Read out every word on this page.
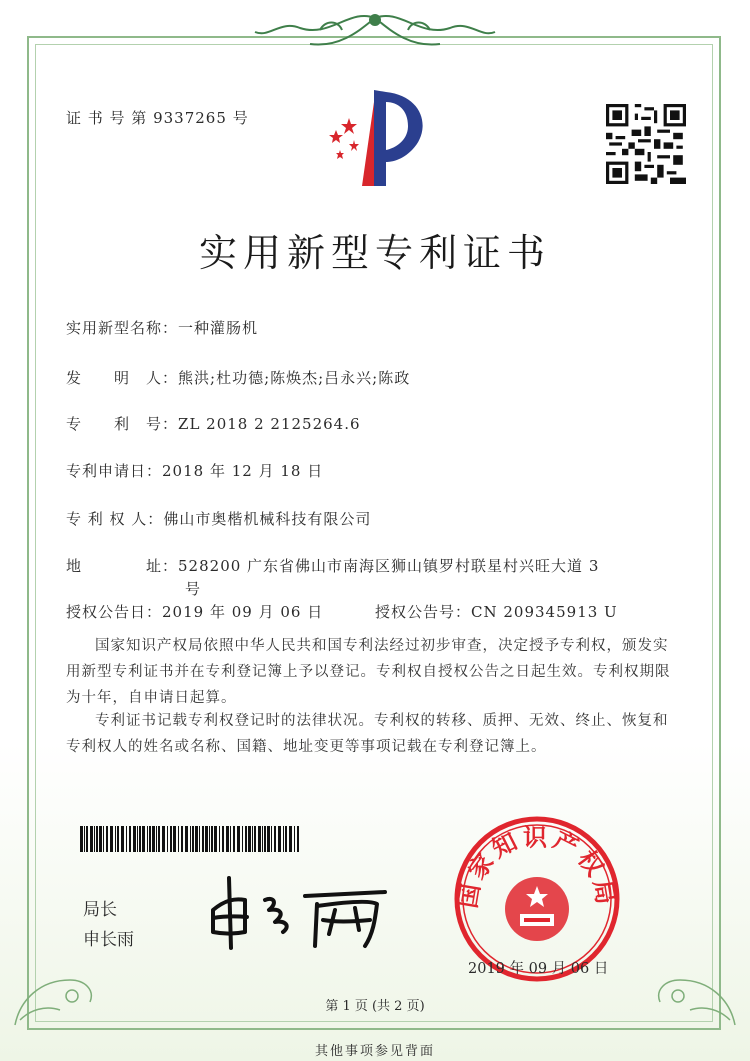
证 书 号 第 9337265 号
实用新型专利证书
实用新型名称：一种灌肠机
发　　明　人：熊洪;杜功德;陈焕杰;吕永兴;陈政
专　　利　号：ZL 2018 2 2125264.6
专利申请日：2018 年 12 月 18 日
专 利 权 人：佛山市奥楷机械科技有限公司
地　　　　址：528200 广东省佛山市南海区狮山镇罗村联星村兴旺大道 3
号
授权公告日：2019 年 09 月 06 日	授权公告号：CN 209345913 U
国家知识产权局依照中华人民共和国专利法经过初步审查，决定授予专利权，颁发实用新型专利证书并在专利登记簿上予以登记。专利权自授权公告之日起生效。专利权期限为十年，自申请日起算。
专利证书记载专利权登记时的法律状况。专利权的转移、质押、无效、终止、恢复和专利权人的姓名或名称、国籍、地址变更等事项记载在专利登记簿上。
局长
申长雨
国家知识产权局
2019 年 09 月 06 日
第 1 页 (共 2 页)
其他事项参见背面
